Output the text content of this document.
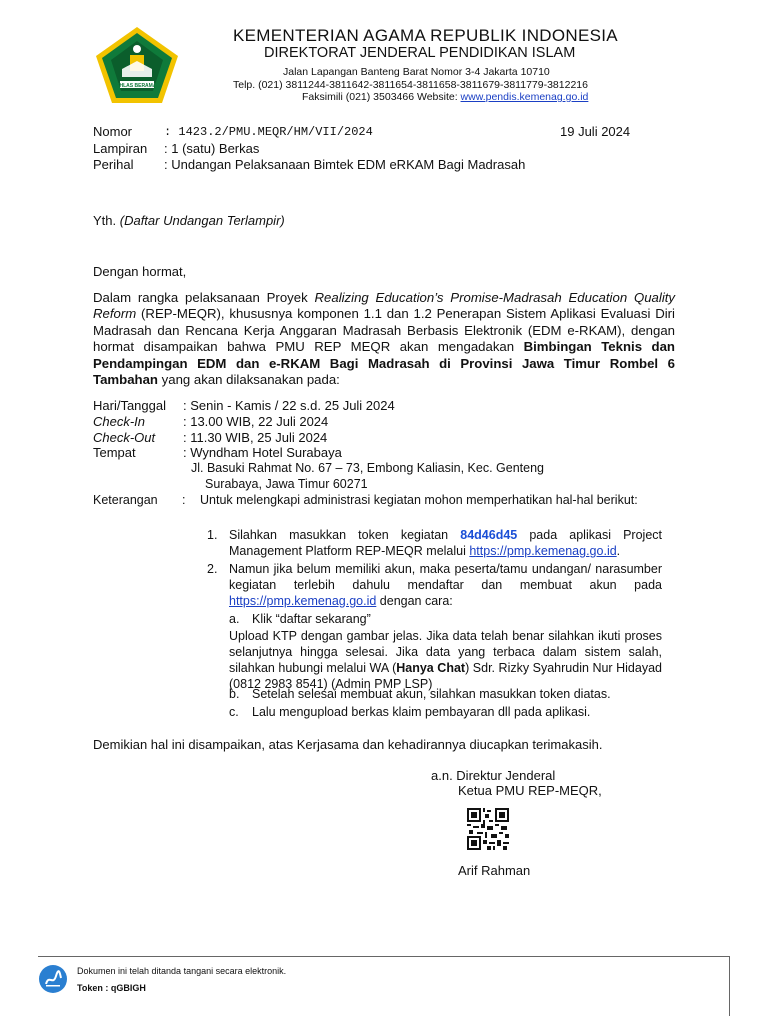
IKHLAS BERAMAL
KEMENTERIAN AGAMA REPUBLIK INDONESIA
DIREKTORAT JENDERAL PENDIDIKAN ISLAM
Jalan Lapangan Banteng Barat Nomor 3-4 Jakarta 10710
Telp. (021) 3811244-3811642-3811654-3811658-3811679-3811779-3812216
Faksimili (021) 3503466 Website: www.pendis.kemenag.go.id
Nomor	: 1423.2/PMU.MEQR/HM/VII/2024	19 Juli 2024
Lampiran : 1 (satu) Berkas
Perihal : Undangan Pelaksanaan Bimtek EDM eRKAM Bagi Madrasah
Yth. (Daftar Undangan Terlampir)
Dengan hormat,
Dalam rangka pelaksanaan Proyek Realizing Education’s Promise-Madrasah Education Quality Reform (REP-MEQR), khususnya komponen 1.1 dan 1.2 Penerapan Sistem Aplikasi Evaluasi Diri Madrasah dan Rencana Kerja Anggaran Madrasah Berbasis Elektronik (EDM e-RKAM), dengan hormat disampaikan bahwa PMU REP MEQR akan mengadakan Bimbingan Teknis dan Pendampingan EDM dan e-RKAM Bagi Madrasah di Provinsi Jawa Timur Rombel 6 Tambahan yang akan dilaksanakan pada:
Hari/Tanggal : Senin - Kamis / 22 s.d. 25 Juli 2024
Check-In	: 13.00 WIB, 22 Juli 2024
Check-Out : 11.30 WIB, 25 Juli 2024
Tempat	: Wyndham Hotel Surabaya
Jl. Basuki Rahmat No. 67 – 73, Embong Kaliasin, Kec. Genteng
Surabaya, Jawa Timur 60271
Keterangan : Untuk melengkapi administrasi kegiatan mohon memperhatikan hal-hal berikut:
1. Silahkan masukkan token kegiatan 84d46d45 pada aplikasi Project Management Platform REP-MEQR melalui https://pmp.kemenag.go.id.
2. Namun jika belum memiliki akun, maka peserta/tamu undangan/ narasumber kegiatan terlebih dahulu mendaftar dan membuat akun pada https://pmp.kemenag.go.id dengan cara:
a. Klik “daftar sekarang”
Upload KTP dengan gambar jelas. Jika data telah benar silahkan ikuti proses selanjutnya hingga selesai. Jika data yang terbaca dalam sistem salah, silahkan hubungi melalui WA (Hanya Chat) Sdr. Rizky Syahrudin Nur Hidayad (0812 2983 8541) (Admin PMP LSP)
b. Setelah selesai membuat akun, silahkan masukkan token diatas.
c. Lalu mengupload berkas klaim pembayaran dll pada aplikasi.
Demikian hal ini disampaikan, atas Kerjasama dan kehadirannya diucapkan terimakasih.
a.n. Direktur Jenderal
Ketua PMU REP-MEQR,
Arif Rahman
Dokumen ini telah ditanda tangani secara elektronik.
Token : qGBIGH
